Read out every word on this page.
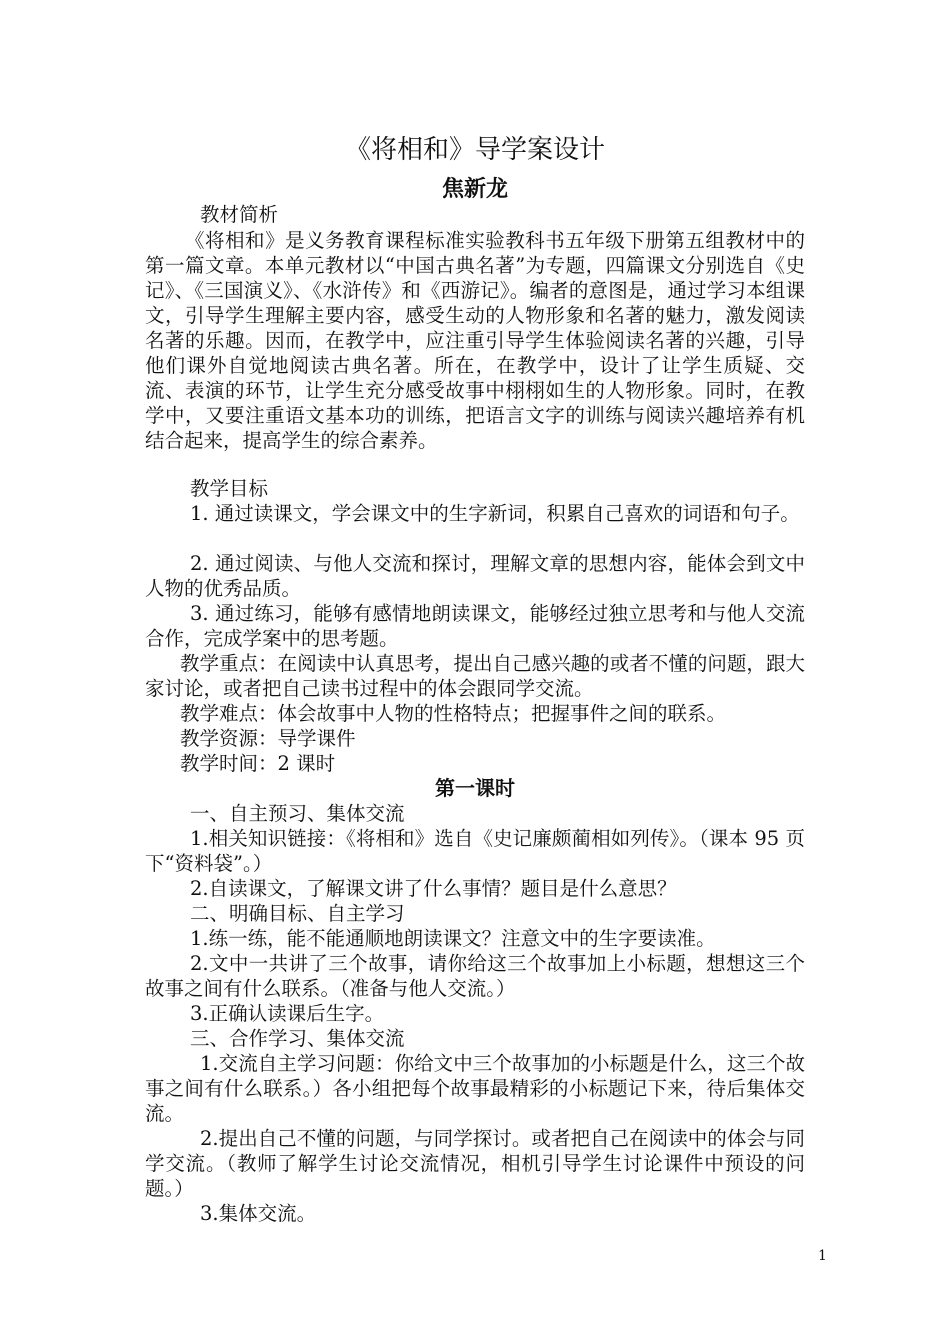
《将相和》导学案设计
焦新龙

教材简析

《将相和》是义务教育课程标准实验教科书五年级下册第五组教材中的第一篇文章。本单元教材以“中国古典名著”为专题，四篇课文分别选自《史记》、《三国演义》、《水浒传》和《西游记》。编者的意图是，通过学习本组课文，引导学生理解主要内容，感受生动的人物形象和名著的魅力，激发阅读名著的乐趣。因而，在教学中，应注重引导学生体验阅读名著的兴趣，引导他们课外自觉地阅读古典名著。所在，在教学中，设计了让学生质疑、交流、表演的环节，让学生充分感受故事中栩栩如生的人物形象。同时，在教学中，又要注重语文基本功的训练，把语言文字的训练与阅读兴趣培养有机结合起来，提高学生的综合素养。

教学目标

1. 通过读课文，学会课文中的生字新词，积累自己喜欢的词语和句子。

2. 通过阅读、与他人交流和探讨，理解文章的思想内容，能体会到文中人物的优秀品质。

3. 通过练习，能够有感情地朗读课文，能够经过独立思考和与他人交流合作，完成学案中的思考题。

教学重点：在阅读中认真思考，提出自己感兴趣的或者不懂的问题，跟大家讨论，或者把自己读书过程中的体会跟同学交流。

教学难点：体会故事中人物的性格特点；把握事件之间的联系。

教学资源：导学课件

教学时间：2 课时

第一课时

一、自主预习、集体交流

1.相关知识链接：《将相和》选自《史记廉颇蔺相如列传》。（课本 95 页下“资料袋”。）

2.自读课文，了解课文讲了什么事情？题目是什么意思？

二、明确目标、自主学习

1.练一练，能不能通顺地朗读课文？注意文中的生字要读准。

2.文中一共讲了三个故事，请你给这三个故事加上小标题，想想这三个故事之间有什么联系。（准备与他人交流。）

3.正确认读课后生字。

三、合作学习、集体交流

1.交流自主学习问题：你给文中三个故事加的小标题是什么，这三个故事之间有什么联系。）各小组把每个故事最精彩的小标题记下来，待后集体交流。

2.提出自己不懂的问题，与同学探讨。或者把自己在阅读中的体会与同学交流。（教师了解学生讨论交流情况，相机引导学生讨论课件中预设的问题。）

3.集体交流。

1
